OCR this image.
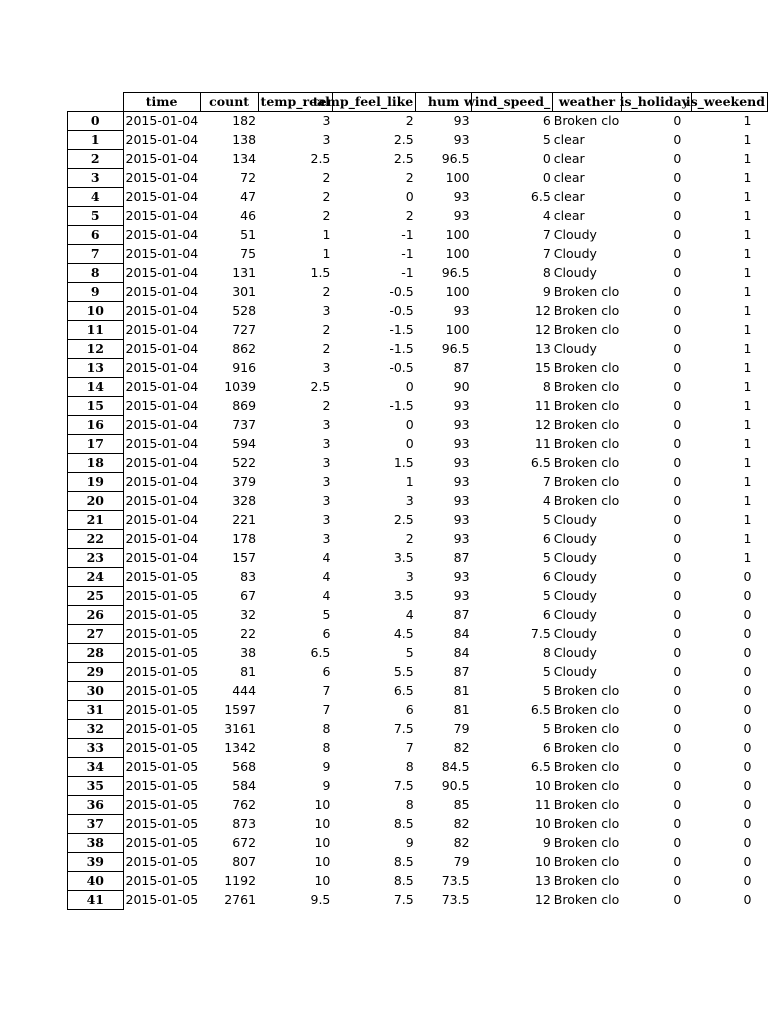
	time	count	temp_real	temp_feel_like	hum	wind_speed_	weather	is_holiday	is_weekend
0	2015-01-04	182	3	2	93	6	Broken clo	0	1
1	2015-01-04	138	3	2.5	93	5	clear	0	1
2	2015-01-04	134	2.5	2.5	96.5	0	clear	0	1
3	2015-01-04	72	2	2	100	0	clear	0	1
4	2015-01-04	47	2	0	93	6.5	clear	0	1
5	2015-01-04	46	2	2	93	4	clear	0	1
6	2015-01-04	51	1	-1	100	7	Cloudy	0	1
7	2015-01-04	75	1	-1	100	7	Cloudy	0	1
8	2015-01-04	131	1.5	-1	96.5	8	Cloudy	0	1
9	2015-01-04	301	2	-0.5	100	9	Broken clo	0	1
10	2015-01-04	528	3	-0.5	93	12	Broken clo	0	1
11	2015-01-04	727	2	-1.5	100	12	Broken clo	0	1
12	2015-01-04	862	2	-1.5	96.5	13	Cloudy	0	1
13	2015-01-04	916	3	-0.5	87	15	Broken clo	0	1
14	2015-01-04	1039	2.5	0	90	8	Broken clo	0	1
15	2015-01-04	869	2	-1.5	93	11	Broken clo	0	1
16	2015-01-04	737	3	0	93	12	Broken clo	0	1
17	2015-01-04	594	3	0	93	11	Broken clo	0	1
18	2015-01-04	522	3	1.5	93	6.5	Broken clo	0	1
19	2015-01-04	379	3	1	93	7	Broken clo	0	1
20	2015-01-04	328	3	3	93	4	Broken clo	0	1
21	2015-01-04	221	3	2.5	93	5	Cloudy	0	1
22	2015-01-04	178	3	2	93	6	Cloudy	0	1
23	2015-01-04	157	4	3.5	87	5	Cloudy	0	1
24	2015-01-05	83	4	3	93	6	Cloudy	0	0
25	2015-01-05	67	4	3.5	93	5	Cloudy	0	0
26	2015-01-05	32	5	4	87	6	Cloudy	0	0
27	2015-01-05	22	6	4.5	84	7.5	Cloudy	0	0
28	2015-01-05	38	6.5	5	84	8	Cloudy	0	0
29	2015-01-05	81	6	5.5	87	5	Cloudy	0	0
30	2015-01-05	444	7	6.5	81	5	Broken clo	0	0
31	2015-01-05	1597	7	6	81	6.5	Broken clo	0	0
32	2015-01-05	3161	8	7.5	79	5	Broken clo	0	0
33	2015-01-05	1342	8	7	82	6	Broken clo	0	0
34	2015-01-05	568	9	8	84.5	6.5	Broken clo	0	0
35	2015-01-05	584	9	7.5	90.5	10	Broken clo	0	0
36	2015-01-05	762	10	8	85	11	Broken clo	0	0
37	2015-01-05	873	10	8.5	82	10	Broken clo	0	0
38	2015-01-05	672	10	9	82	9	Broken clo	0	0
39	2015-01-05	807	10	8.5	79	10	Broken clo	0	0
40	2015-01-05	1192	10	8.5	73.5	13	Broken clo	0	0
41	2015-01-05	2761	9.5	7.5	73.5	12	Broken clo	0	0
